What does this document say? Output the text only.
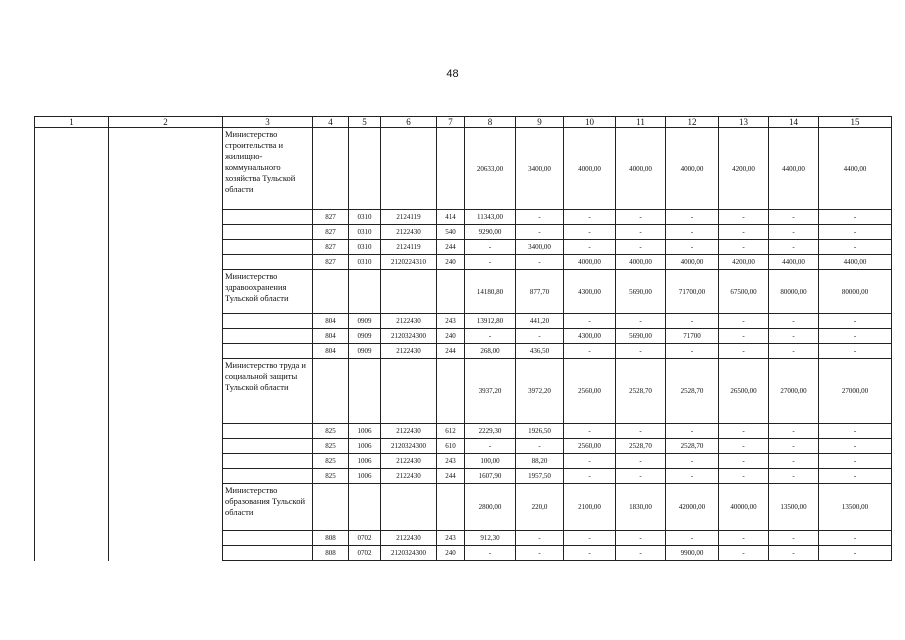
48
1	2	3	4	5	6	7	8	9	10	11	12	13	14	15
		Министерство строительства и жилищно-коммунального хозяйства Тульской области					20633,00	3400,00	4000,00	4000,00	4000,00	4200,00	4400,00	4400,00
			827	0310	2124119	414	11343,00	-	-	-	-	-	-	-
			827	0310	2122430	540	9290,00	-	-	-	-	-	-	-
			827	0310	2124119	244	-	3400,00	-	-	-	-	-	-
			827	0310	2120224310	240	-	-	4000,00	4000,00	4000,00	4200,00	4400,00	4400,00
		Министерство здравоохранения Тульской области					14180,80	877,70	4300,00	5690,00	71700,00	67500,00	80000,00	80000,00
			804	0909	2122430	243	13912,80	441,20	-	-	-	-	-	-
			804	0909	2120324300	240	-	-	4300,00	5690,00	71700	-	-	-
			804	0909	2122430	244	268,00	436,50	-	-	-	-	-	-
		Министерство труда и социальной защиты Тульской области					3937,20	3972,20	2560,00	2528,70	2528,70	26500,00	27000,00	27000,00
			825	1006	2122430	612	2229,30	1926,50	-	-	-	-	-	-
			825	1006	2120324300	610	-	-	2560,00	2528,70	2528,70	-	-	-
			825	1006	2122430	243	100,00	88,20	-	-	-	-	-	-
			825	1006	2122430	244	1607,90	1957,50	-	-	-	-	-	-
		Министерство образования Тульской области					2800,00	220,0	2100,00	1830,00	42000,00	40000,00	13500,00	13500,00
			808	0702	2122430	243	912,30	-	-	-	-	-	-	-
			808	0702	2120324300	240	-	-	-	-	9900,00	-	-	-
